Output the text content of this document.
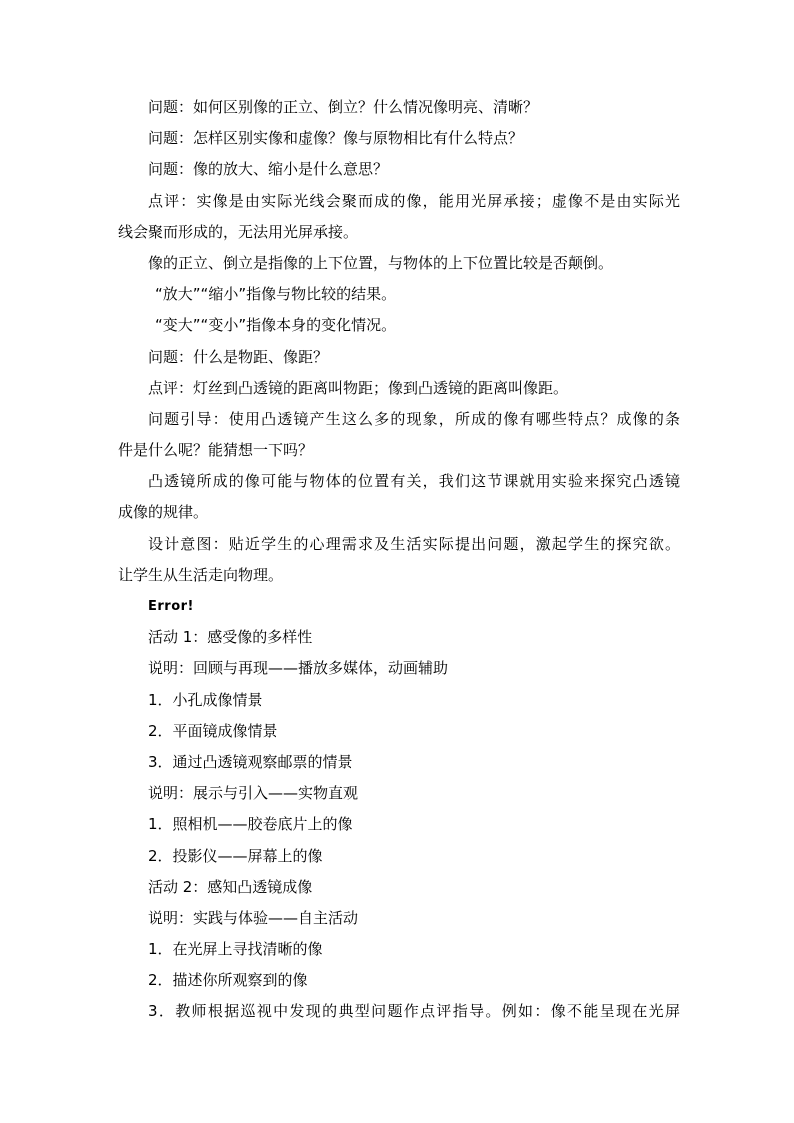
问题：如何区别像的正立、倒立？什么情况像明亮、清晰？
问题：怎样区别实像和虚像？像与原物相比有什么特点？
问题：像的放大、缩小是什么意思？
点评：实像是由实际光线会聚而成的像，能用光屏承接；虚像不是由实际光
线会聚而形成的，无法用光屏承接。
像的正立、倒立是指像的上下位置，与物体的上下位置比较是否颠倒。
“放大”“缩小”指像与物比较的结果。
“变大”“变小”指像本身的变化情况。
问题：什么是物距、像距？
点评：灯丝到凸透镜的距离叫物距；像到凸透镜的距离叫像距。
问题引导：使用凸透镜产生这么多的现象，所成的像有哪些特点？成像的条
件是什么呢？能猜想一下吗？
凸透镜所成的像可能与物体的位置有关，我们这节课就用实验来探究凸透镜
成像的规律。
设计意图：贴近学生的心理需求及生活实际提出问题，激起学生的探究欲。
让学生从生活走向物理。
Error!
活动 1：感受像的多样性
说明：回顾与再现——播放多媒体，动画辅助
1．小孔成像情景
2．平面镜成像情景
3．通过凸透镜观察邮票的情景
说明：展示与引入——实物直观
1．照相机——胶卷底片上的像
2．投影仪——屏幕上的像
活动 2：感知凸透镜成像
说明：实践与体验——自主活动
1．在光屏上寻找清晰的像
2．描述你所观察到的像
3．教师根据巡视中发现的典型问题作点评指导。例如：像不能呈现在光屏
